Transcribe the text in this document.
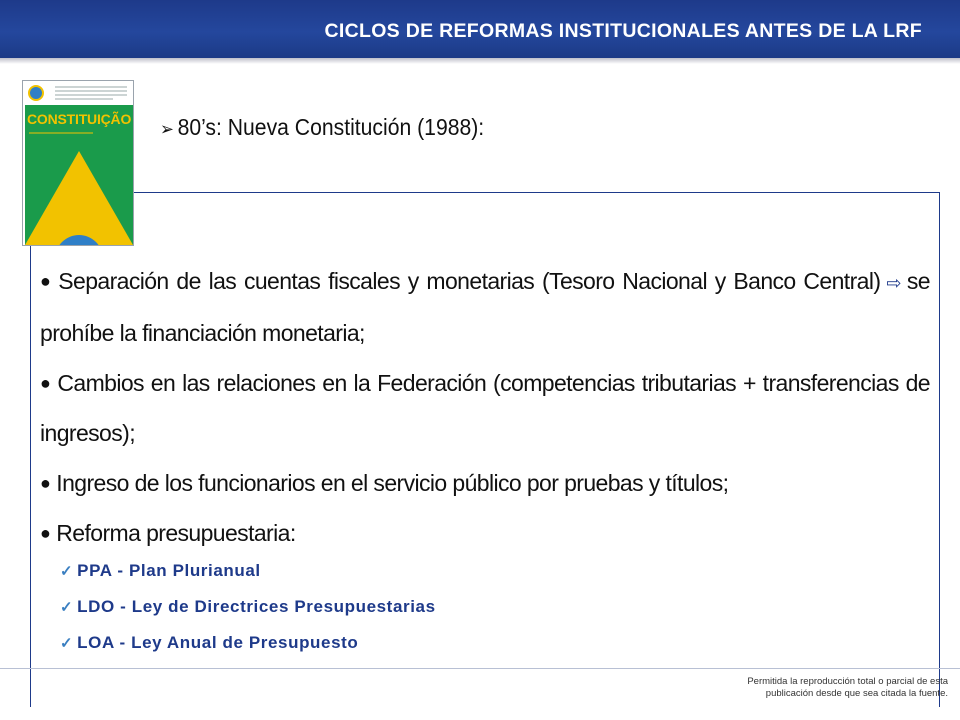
CICLOS DE REFORMAS INSTITUCIONALES ANTES DE LA LRF
CONSTITUIÇÃO ➢ 80’s: Nueva Constitución (1988):
● Separación de las cuentas fiscales y monetarias (Tesoro Nacional y Banco Central) ⇨ se prohíbe la financiación monetaria;
● Cambios en las relaciones en la Federación (competencias tributarias + transferencias de ingresos);
● Ingreso de los funcionarios en el servicio público por pruebas y títulos;
● Reforma presupuestaria:
✓ PPA - Plan Plurianual
✓ LDO - Ley de Directrices Presupuestarias
✓ LOA - Ley Anual de Presupuesto
Permitida la reproducción total o parcial de esta
publicación desde que sea citada la fuente.
